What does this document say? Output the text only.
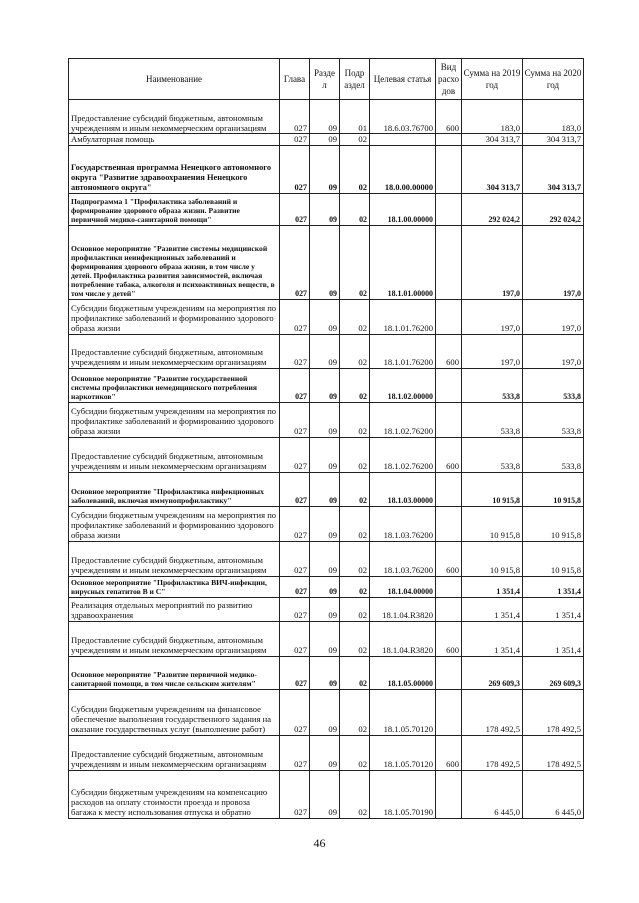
Наименование	Глава	Разде л	Подр аздел	Целевая статья	Вид расхо дов	Сумма на 2019 год	Сумма на 2020 год
Предоставление субсидий бюджетным, автономным учреждениям и иным некоммерческим организациям	027	09	01	18.6.03.76700	600	183,0	183,0
Амбулаторная помощь	027	09	02			304 313,7	304 313,7
Государственная программа Ненецкого автономного округа "Развитие здравоохранения Ненецкого автономного округа"	027	09	02	18.0.00.00000		304 313,7	304 313,7
Подпрограмма 1 "Профилактика заболеваний и формирование здорового образа жизни. Развитие первичной медико-санитарной помощи"	027	09	02	18.1.00.00000		292 024,2	292 024,2
Основное мероприятие "Развитие системы медицинской профилактики неинфекционных заболеваний и формирования здорового образа жизни, в том числе у детей. Профилактика развития зависимостей, включая потребление табака, алкоголя и психоактивных веществ, в том числе у детей"	027	09	02	18.1.01.00000		197,0	197,0
Субсидии бюджетным учреждениям на мероприятия по профилактике заболеваний и формированию здорового образа жизни	027	09	02	18.1.01.76200		197,0	197,0
Предоставление субсидий бюджетным, автономным учреждениям и иным некоммерческим организациям	027	09	02	18.1.01.76200	600	197,0	197,0
Основное мероприятие "Развитие государственной системы профилактики немедицинского потребления наркотиков"	027	09	02	18.1.02.00000		533,8	533,8
Субсидии бюджетным учреждениям на мероприятия по профилактике заболеваний и формированию здорового образа жизни	027	09	02	18.1.02.76200		533,8	533,8
Предоставление субсидий бюджетным, автономным учреждениям и иным некоммерческим организациям	027	09	02	18.1.02.76200	600	533,8	533,8
Основное мероприятие "Профилактика инфекционных заболеваний, включая иммунопрофилактику"	027	09	02	18.1.03.00000		10 915,8	10 915,8
Субсидии бюджетным учреждениям на мероприятия по профилактике заболеваний и формированию здорового образа жизни	027	09	02	18.1.03.76200		10 915,8	10 915,8
Предоставление субсидий бюджетным, автономным учреждениям и иным некоммерческим организациям	027	09	02	18.1.03.76200	600	10 915,8	10 915,8
Основное мероприятие "Профилактика ВИЧ-инфекции, вирусных гепатитов В и С"	027	09	02	18.1.04.00000		1 351,4	1 351,4
Реализация отдельных мероприятий по развитию здравоохранения	027	09	02	18.1.04.R3820		1 351,4	1 351,4
Предоставление субсидий бюджетным, автономным учреждениям и иным некоммерческим организациям	027	09	02	18.1.04.R3820	600	1 351,4	1 351,4
Основное мероприятие "Развитие первичной медико-санитарной помощи, в том числе сельским жителям"	027	09	02	18.1.05.00000		269 609,3	269 609,3
Субсидии бюджетным учреждениям на финансовое обеспечение выполнения государственного задания на оказание государственных услуг (выполнение работ)	027	09	02	18.1.05.70120		178 492,5	178 492,5
Предоставление субсидий бюджетным, автономным учреждениям и иным некоммерческим организациям	027	09	02	18.1.05.70120	600	178 492,5	178 492,5
Субсидии бюджетным учреждениям на компенсацию расходов на оплату стоимости проезда и провоза багажа к месту использования отпуска и обратно	027	09	02	18.1.05.70190		6 445,0	6 445,0
46
